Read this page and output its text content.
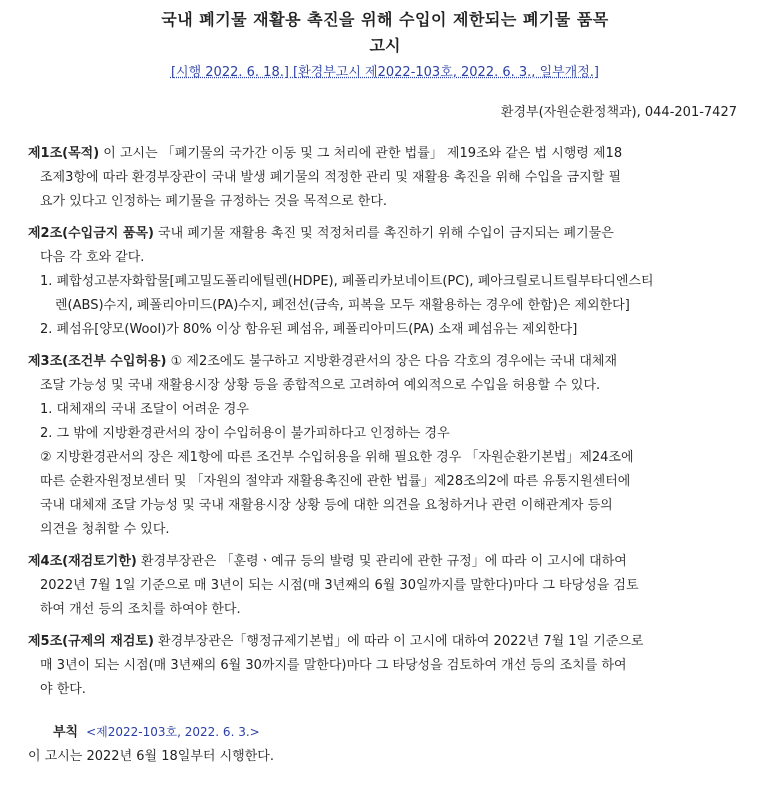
국내 폐기물 재활용 촉진을 위해 수입이 제한되는 폐기물 품목
고시
[시행 2022. 6. 18.] [환경부고시 제2022-103호, 2022. 6. 3., 일부개정.]
환경부(자원순환정책과), 044-201-7427
제1조(목적) 이 고시는 「폐기물의 국가간 이동 및 그 처리에 관한 법률」 제19조와 같은 법 시행령 제18
조제3항에 따라 환경부장관이 국내 발생 폐기물의 적정한 관리 및 재활용 촉진을 위해 수입을 금지할 필
요가 있다고 인정하는 폐기물을 규정하는 것을 목적으로 한다.
제2조(수입금지 품목) 국내 폐기물 재활용 촉진 및 적정처리를 촉진하기 위해 수입이 금지되는 폐기물은
다음 각 호와 같다.
1. 폐합성고분자화합물[폐고밀도폴리에틸렌(HDPE), 폐폴리카보네이트(PC), 폐아크릴로니트릴부타디엔스티
렌(ABS)수지, 폐폴리아미드(PA)수지, 폐전선(금속, 피복을 모두 재활용하는 경우에 한함)은 제외한다]
2. 폐섬유[양모(Wool)가 80% 이상 함유된 폐섬유, 폐폴리아미드(PA) 소재 폐섬유는 제외한다]
제3조(조건부 수입허용) ① 제2조에도 불구하고 지방환경관서의 장은 다음 각호의 경우에는 국내 대체재
조달 가능성 및 국내 재활용시장 상황 등을 종합적으로 고려하여 예외적으로 수입을 허용할 수 있다.
1. 대체재의 국내 조달이 어려운 경우
2. 그 밖에 지방환경관서의 장이 수입허용이 불가피하다고 인정하는 경우
② 지방환경관서의 장은 제1항에 따른 조건부 수입허용을 위해 필요한 경우 「자원순환기본법」제24조에
따른 순환자원정보센터 및 「자원의 절약과 재활용촉진에 관한 법률」제28조의2에 따른 유통지원센터에
국내 대체재 조달 가능성 및 국내 재활용시장 상황 등에 대한 의견을 요청하거나 관련 이해관계자 등의
의견을 청취할 수 있다.
제4조(재검토기한) 환경부장관은 「훈령ㆍ예규 등의 발령 및 관리에 관한 규정」에 따라 이 고시에 대하여
2022년 7월 1일 기준으로 매 3년이 되는 시점(매 3년째의 6월 30일까지를 말한다)마다 그 타당성을 검토
하여 개선 등의 조치를 하여야 한다.
제5조(규제의 재검토) 환경부장관은「행정규제기본법」에 따라 이 고시에 대하여 2022년 7월 1일 기준으로
매 3년이 되는 시점(매 3년째의 6월 30까지를 말한다)마다 그 타당성을 검토하여 개선 등의 조치를 하여
야 한다.
부칙 <제2022-103호, 2022. 6. 3.>
이 고시는 2022년 6월 18일부터 시행한다.
